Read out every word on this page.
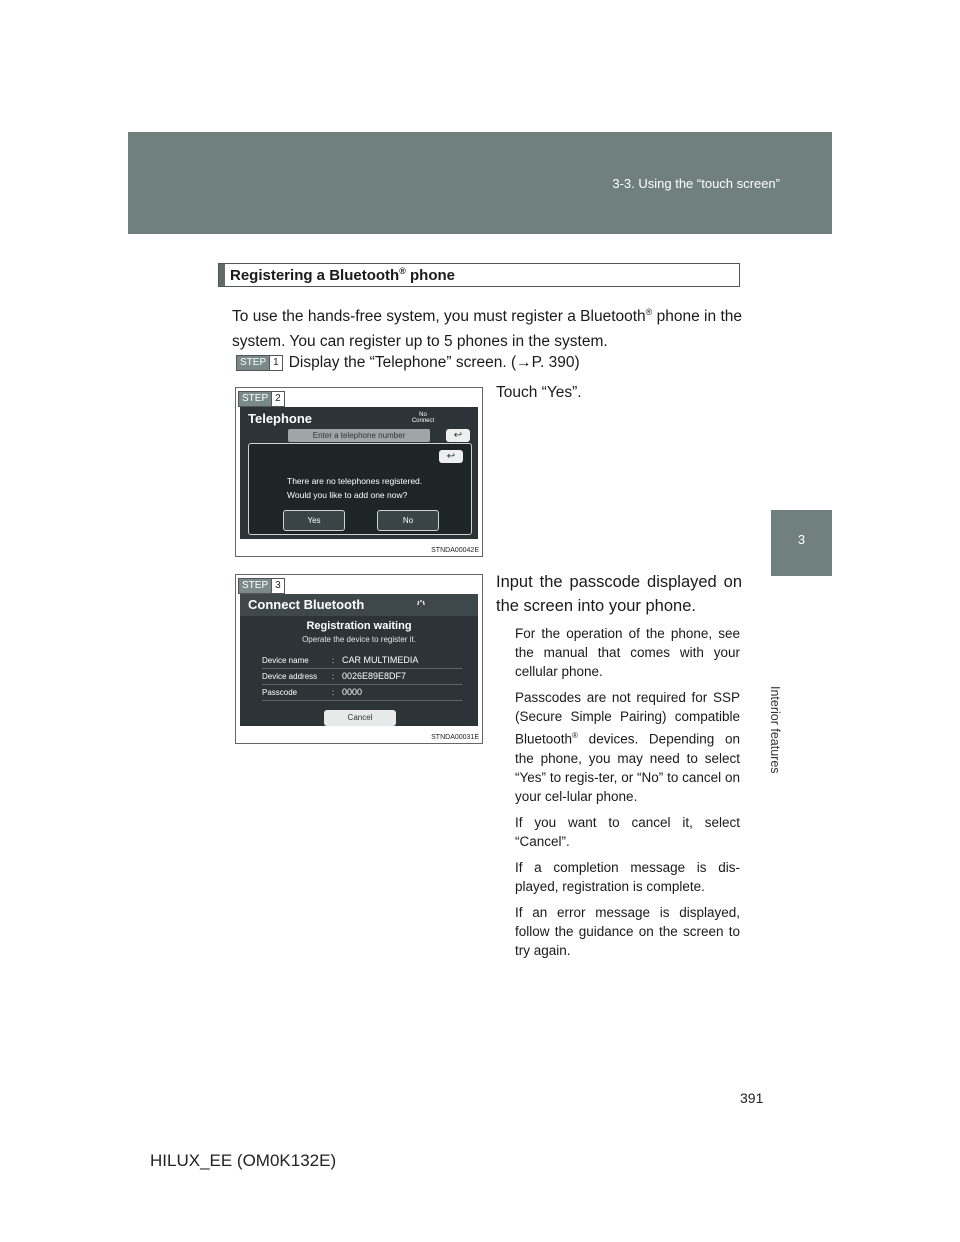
3-3. Using the “touch screen”
3
Interior features
Registering a Bluetooth® phone
To use the hands-free system, you must register a Bluetooth® phone in the system. You can register up to 5 phones in the system.
STEP 1 Display the “Telephone” screen. (→P. 390)
STEP 2
Telephone	No
Connect
Enter a telephone number	↩
↩
There are no telephones registered.
Would you like to add one now?
Yes	No
STNDA00042E
Touch “Yes”.
STEP 3
Connect Bluetooth
Registration waiting
Operate the device to register it.
Device name	: CAR MULTIMEDIA
Device address : 0026E89E8DF7
Passcode	: 0000
Cancel
STNDA00031E
Input the passcode displayed on the screen into your phone.

For the operation of the phone, see the manual that comes with your cellular phone.

Passcodes are not required for SSP (Secure Simple Pairing) compatible Bluetooth® devices. Depending on the phone, you may need to select “Yes” to regis-ter, or “No” to cancel on your cel-lular phone.

If you want to cancel it, select “Cancel”.

If a completion message is dis-played, registration is complete.

If an error message is displayed, follow the guidance on the screen to try again.

391
HILUX_EE (OM0K132E)
